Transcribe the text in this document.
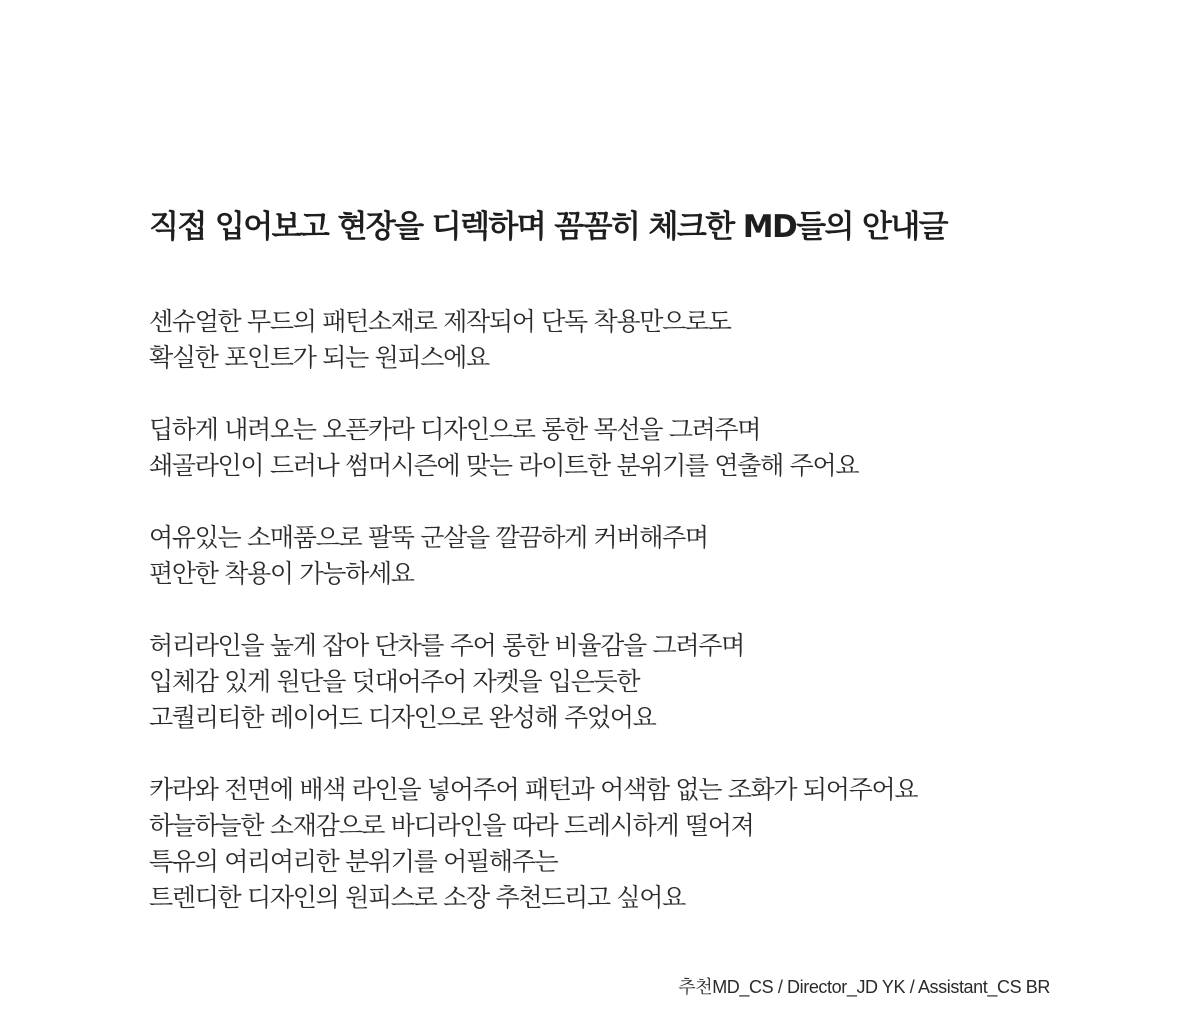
직접 입어보고 현장을 디렉하며 꼼꼼히 체크한 MD들의 안내글

센슈얼한 무드의 패턴소재로 제작되어 단독 착용만으로도
확실한 포인트가 되는 원피스에요

딥하게 내려오는 오픈카라 디자인으로 롱한 목선을 그려주며
쇄골라인이 드러나 썸머시즌에 맞는 라이트한 분위기를 연출해 주어요

여유있는 소매품으로 팔뚝 군살을 깔끔하게 커버해주며
편안한 착용이 가능하세요

허리라인을 높게 잡아 단차를 주어 롱한 비율감을 그려주며
입체감 있게 원단을 덧대어주어 자켓을 입은듯한
고퀄리티한 레이어드 디자인으로 완성해 주었어요

카라와 전면에 배색 라인을 넣어주어 패턴과 어색함 없는 조화가 되어주어요
하늘하늘한 소재감으로 바디라인을 따라 드레시하게 떨어져
특유의 여리여리한 분위기를 어필해주는
트렌디한 디자인의 원피스로 소장 추천드리고 싶어요

추천MD_CS / Director_JD YK / Assistant_CS BR
